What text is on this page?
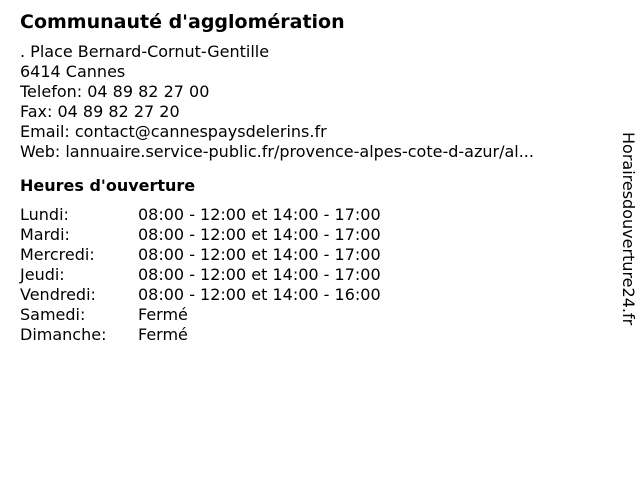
Communauté d'agglomération
. Place Bernard-Cornut-Gentille
6414 Cannes
Telefon: 04 89 82 27 00
Fax: 04 89 82 27 20
Email: contact@cannespaysdelerins.fr
Web: lannuaire.service-public.fr/provence-alpes-cote-d-azur/al...
Heures d'ouverture
Lundi:	08:00 - 12:00 et 14:00 - 17:00
Mardi:	08:00 - 12:00 et 14:00 - 17:00
Mercredi:	08:00 - 12:00 et 14:00 - 17:00
Jeudi:	08:00 - 12:00 et 14:00 - 17:00
Vendredi:	08:00 - 12:00 et 14:00 - 16:00
Samedi:	Fermé
Dimanche:	Fermé
Horairesdouverture24.fr
